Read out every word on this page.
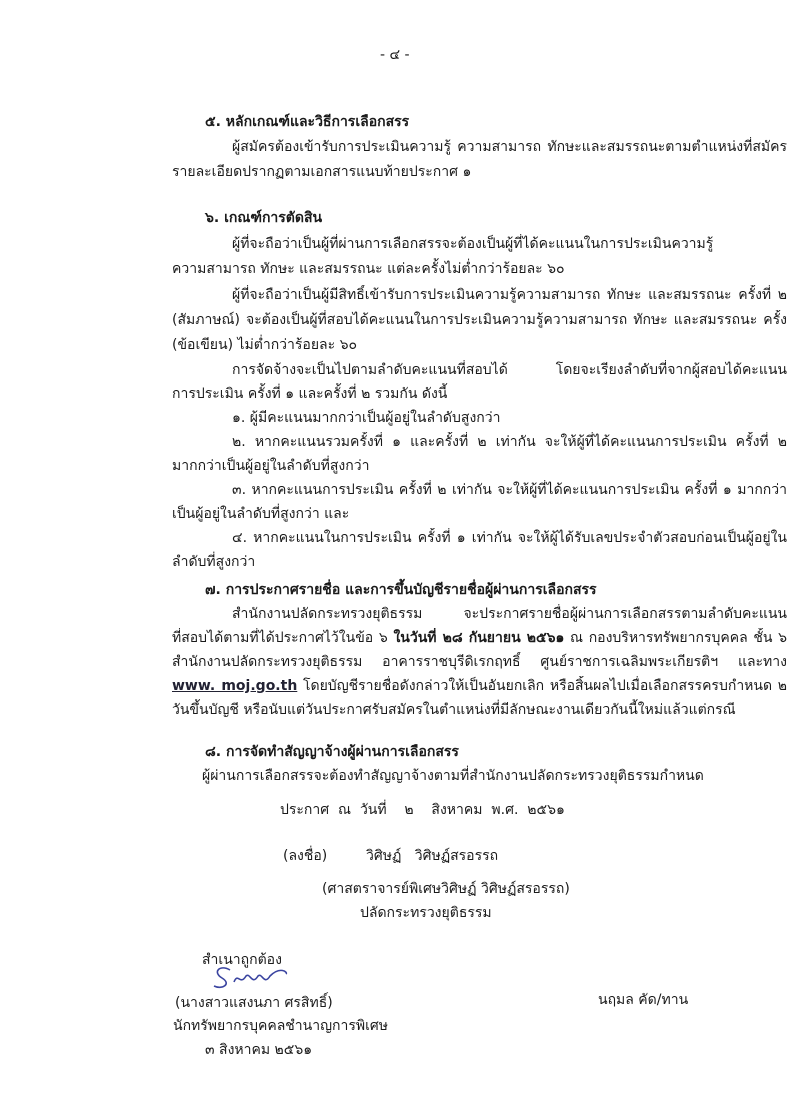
- ๔ -
๕. หลักเกณฑ์และวิธีการเลือกสรร
ผู้สมัครต้องเข้ารับการประเมินความรู้ ความสามารถ ทักษะและสมรรถนะตามตำแหน่งที่สมัคร
รายละเอียดปรากฏตามเอกสารแนบท้ายประกาศ ๑
๖. เกณฑ์การตัดสิน
ผู้ที่จะถือว่าเป็นผู้ที่ผ่านการเลือกสรรจะต้องเป็นผู้ที่ได้คะแนนในการประเมินความรู้
ความสามารถ ทักษะ และสมรรถนะ แต่ละครั้งไม่ต่ำกว่าร้อยละ ๖๐
ผู้ที่จะถือว่าเป็นผู้มีสิทธิ์เข้ารับการประเมินความรู้ความสามารถ ทักษะ และสมรรถนะ ครั้งที่ ๒
(สัมภาษณ์) จะต้องเป็นผู้ที่สอบได้คะแนนในการประเมินความรู้ความสามารถ ทักษะ และสมรรถนะ ครั้ง
(ข้อเขียน) ไม่ต่ำกว่าร้อยละ ๖๐
การจัดจ้างจะเป็นไปตามลำดับคะแนนที่สอบได้ โดยจะเรียงลำดับที่จากผู้สอบได้คะแนน
การประเมิน ครั้งที่ ๑ และครั้งที่ ๒ รวมกัน ดังนี้
๑. ผู้มีคะแนนมากกว่าเป็นผู้อยู่ในลำดับสูงกว่า
๒. หากคะแนนรวมครั้งที่ ๑ และครั้งที่ ๒ เท่ากัน จะให้ผู้ที่ได้คะแนนการประเมิน ครั้งที่ ๒
มากกว่าเป็นผู้อยู่ในลำดับที่สูงกว่า
๓. หากคะแนนการประเมิน ครั้งที่ ๒ เท่ากัน จะให้ผู้ที่ได้คะแนนการประเมิน ครั้งที่ ๑ มากกว่า
เป็นผู้อยู่ในลำดับที่สูงกว่า และ
๔. หากคะแนนในการประเมิน ครั้งที่ ๑ เท่ากัน จะให้ผู้ได้รับเลขประจำตัวสอบก่อนเป็นผู้อยู่ใน
ลำดับที่สูงกว่า
๗. การประกาศรายชื่อ และการขึ้นบัญชีรายชื่อผู้ผ่านการเลือกสรร
สำนักงานปลัดกระทรวงยุติธรรม จะประกาศรายชื่อผู้ผ่านการเลือกสรรตามลำดับคะแนน
ที่สอบได้ตามที่ได้ประกาศไว้ในข้อ ๖ ในวันที่ ๒๘ กันยายน ๒๕๖๑ ณ กองบริหารทรัพยากรบุคคล ชั้น ๖
สำนักงานปลัดกระทรวงยุติธรรม อาคารราชบุรีดิเรกฤทธิ์ ศูนย์ราชการเฉลิมพระเกียรติฯ และทาง
www. moj.go.th โดยบัญชีรายชื่อดังกล่าวให้เป็นอันยกเลิก หรือสิ้นผลไปเมื่อเลือกสรรครบกำหนด ๒
วันขึ้นบัญชี หรือนับแต่วันประกาศรับสมัครในตำแหน่งที่มีลักษณะงานเดียวกันนี้ใหม่แล้วแต่กรณี
๘. การจัดทำสัญญาจ้างผู้ผ่านการเลือกสรร
ผู้ผ่านการเลือกสรรจะต้องทำสัญญาจ้างตามที่สำนักงานปลัดกระทรวงยุติธรรมกำหนด
ประกาศ  ณ  วันที่    ๒    สิงหาคม  พ.ศ.  ๒๕๖๑
(ลงชื่อ)	วิศิษฏ์   วิศิษฏ์สรอรรถ
(ศาสตราจารย์พิเศษวิศิษฏ์ วิศิษฏ์สรอรรถ)
ปลัดกระทรวงยุติธรรม
สำเนาถูกต้อง
(นางสาวแสงนภา ศรสิทธิ์)
นักทรัพยากรบุคคลชำนาญการพิเศษ
๓ สิงหาคม ๒๕๖๑
นฤมล คัด/ทาน
